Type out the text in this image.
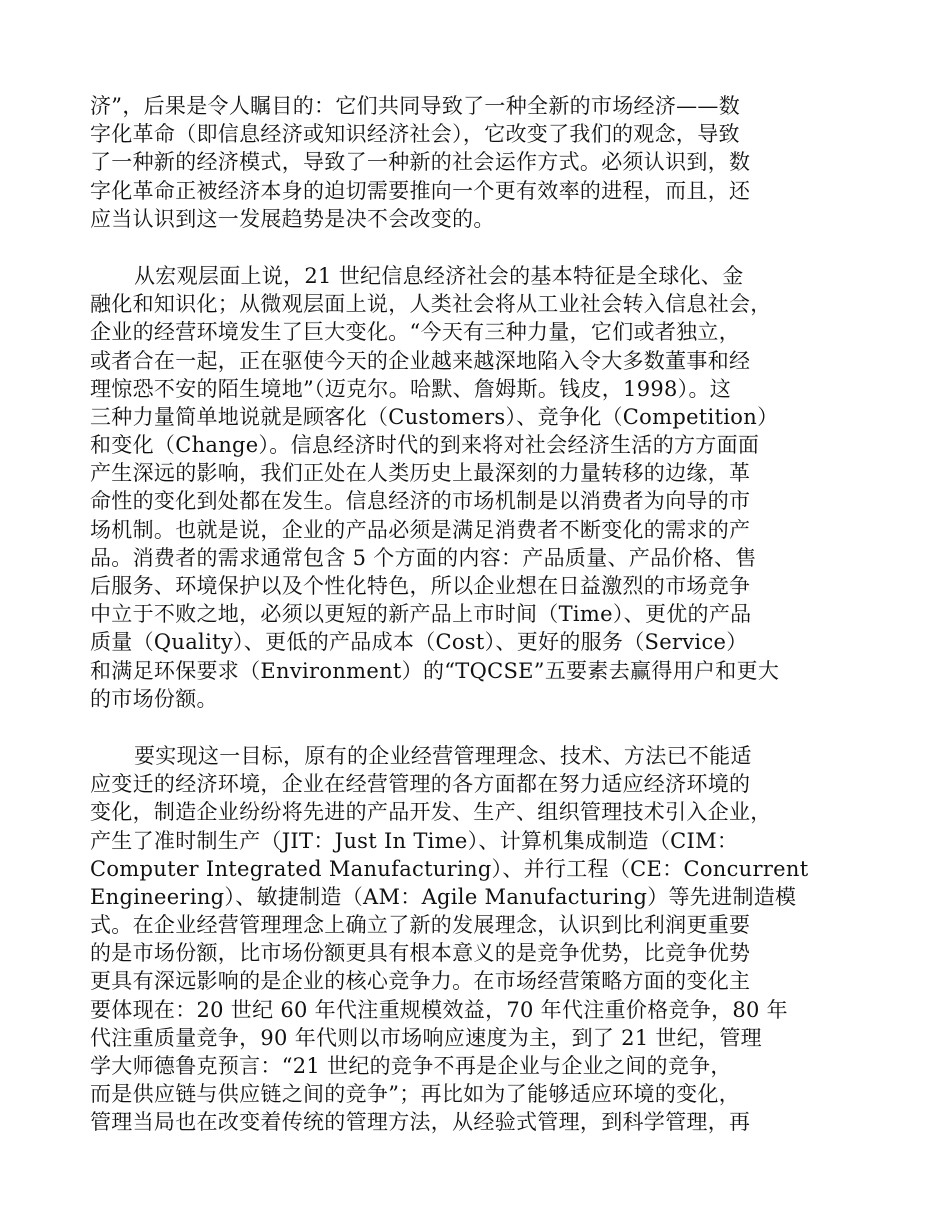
济”，后果是令人瞩目的：它们共同导致了一种全新的市场经济——数
字化革命（即信息经济或知识经济社会），它改变了我们的观念，导致
了一种新的经济模式，导致了一种新的社会运作方式。必须认识到，数
字化革命正被经济本身的迫切需要推向一个更有效率的进程，而且，还
应当认识到这一发展趋势是决不会改变的。
从宏观层面上说，21 世纪信息经济社会的基本特征是全球化、金
融化和知识化；从微观层面上说，人类社会将从工业社会转入信息社会，
企业的经营环境发生了巨大变化。“今天有三种力量，它们或者独立，
或者合在一起，正在驱使今天的企业越来越深地陷入令大多数董事和经
理惊恐不安的陌生境地”（迈克尔。哈默、詹姆斯。钱皮，1998）。这
三种力量简单地说就是顾客化（Customers）、竞争化（Competition）
和变化（Change）。信息经济时代的到来将对社会经济生活的方方面面
产生深远的影响，我们正处在人类历史上最深刻的力量转移的边缘，革
命性的变化到处都在发生。信息经济的市场机制是以消费者为向导的市
场机制。也就是说，企业的产品必须是满足消费者不断变化的需求的产
品。消费者的需求通常包含 5 个方面的内容：产品质量、产品价格、售
后服务、环境保护以及个性化特色，所以企业想在日益激烈的市场竞争
中立于不败之地，必须以更短的新产品上市时间（Time）、更优的产品
质量（Quality）、更低的产品成本（Cost）、更好的服务（Service）
和满足环保要求（Environment）的“TQCSE”五要素去赢得用户和更大
的市场份额。
要实现这一目标，原有的企业经营管理理念、技术、方法已不能适
应变迁的经济环境，企业在经营管理的各方面都在努力适应经济环境的
变化，制造企业纷纷将先进的产品开发、生产、组织管理技术引入企业，
产生了准时制生产（JIT：Just In Time）、计算机集成制造（CIM：
Computer Integrated Manufacturing）、并行工程（CE：Concurrent
Engineering）、敏捷制造（AM：Agile Manufacturing）等先进制造模
式。在企业经营管理理念上确立了新的发展理念，认识到比利润更重要
的是市场份额，比市场份额更具有根本意义的是竞争优势，比竞争优势
更具有深远影响的是企业的核心竞争力。在市场经营策略方面的变化主
要体现在：20 世纪 60 年代注重规模效益，70 年代注重价格竞争，80 年
代注重质量竞争，90 年代则以市场响应速度为主，到了 21 世纪，管理
学大师德鲁克预言：“21 世纪的竞争不再是企业与企业之间的竞争，
而是供应链与供应链之间的竞争”；再比如为了能够适应环境的变化，
管理当局也在改变着传统的管理方法，从经验式管理，到科学管理，再
